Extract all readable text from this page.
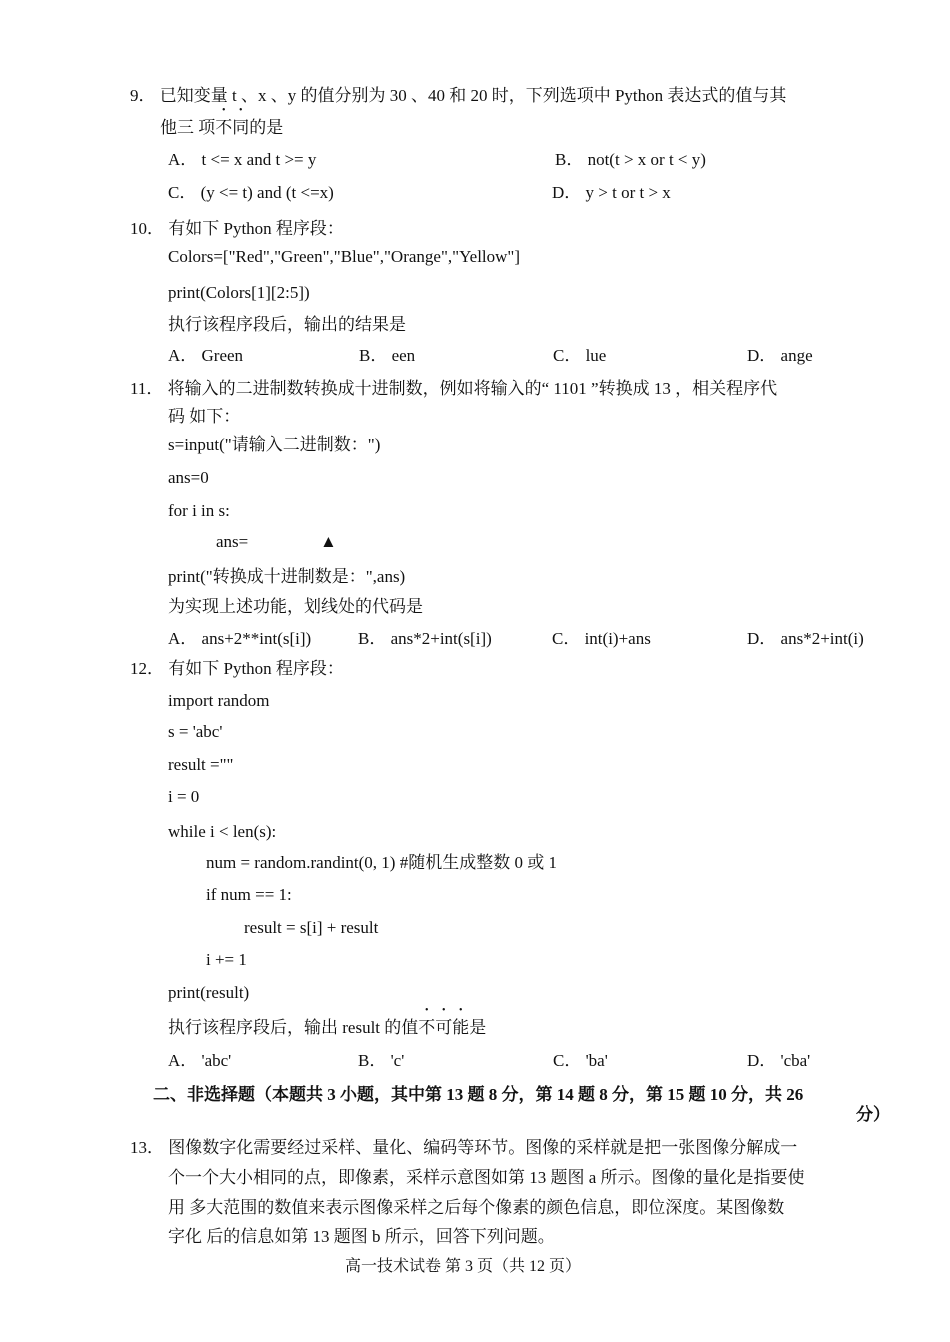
9． 已知变量 t 、x 、y 的值分别为 30 、40 和 20 时，下列选项中 Python 表达式的值与其
他三 项不同的是
A． t <= x and t >= y	B． not(t > x or t < y)
C． (y <= t) and (t <=x)	D． y > t or t > x
10． 有如下 Python 程序段：
Colors=["Red","Green","Blue","Orange","Yellow"]
print(Colors[1][2:5])
执行该程序段后，输出的结果是
A． Green	B． een	C． lue	D． ange
11． 将输入的二进制数转换成十进制数，例如将输入的“ 1101 ”转换成 13 ，相关程序代
码 如下：
s=input("请输入二进制数：")
ans=0
for i in s:
ans=	▲
print("转换成十进制数是：",ans)
为实现上述功能，划线处的代码是
A． ans+2**int(s[i])	B． ans*2+int(s[i])	C． int(i)+ans	D． ans*2+int(i)
12． 有如下 Python 程序段：
import random
s = 'abc'
result =""
i = 0
while i < len(s):
num = random.randint(0, 1) #随机生成整数 0 或 1
if num == 1:
result = s[i] + result
i += 1
print(result)
执行该程序段后，输出 result 的值不可能是
A． 'abc'	B． 'c'	C． 'ba'	D． 'cba'
二、非选择题（本题共 3 小题，其中第 13 题 8 分，第 14 题 8 分，第 15 题 10 分，共 26
分）
13． 图像数字化需要经过采样、量化、编码等环节。图像的采样就是把一张图像分解成一
个一个大小相同的点，即像素，采样示意图如第 13 题图 a 所示。图像的量化是指要使
用 多大范围的数值来表示图像采样之后每个像素的颜色信息，即位深度。某图像数
字化 后的信息如第 13 题图 b 所示，回答下列问题。
高一技术试卷 第 3 页（共 12 页）
